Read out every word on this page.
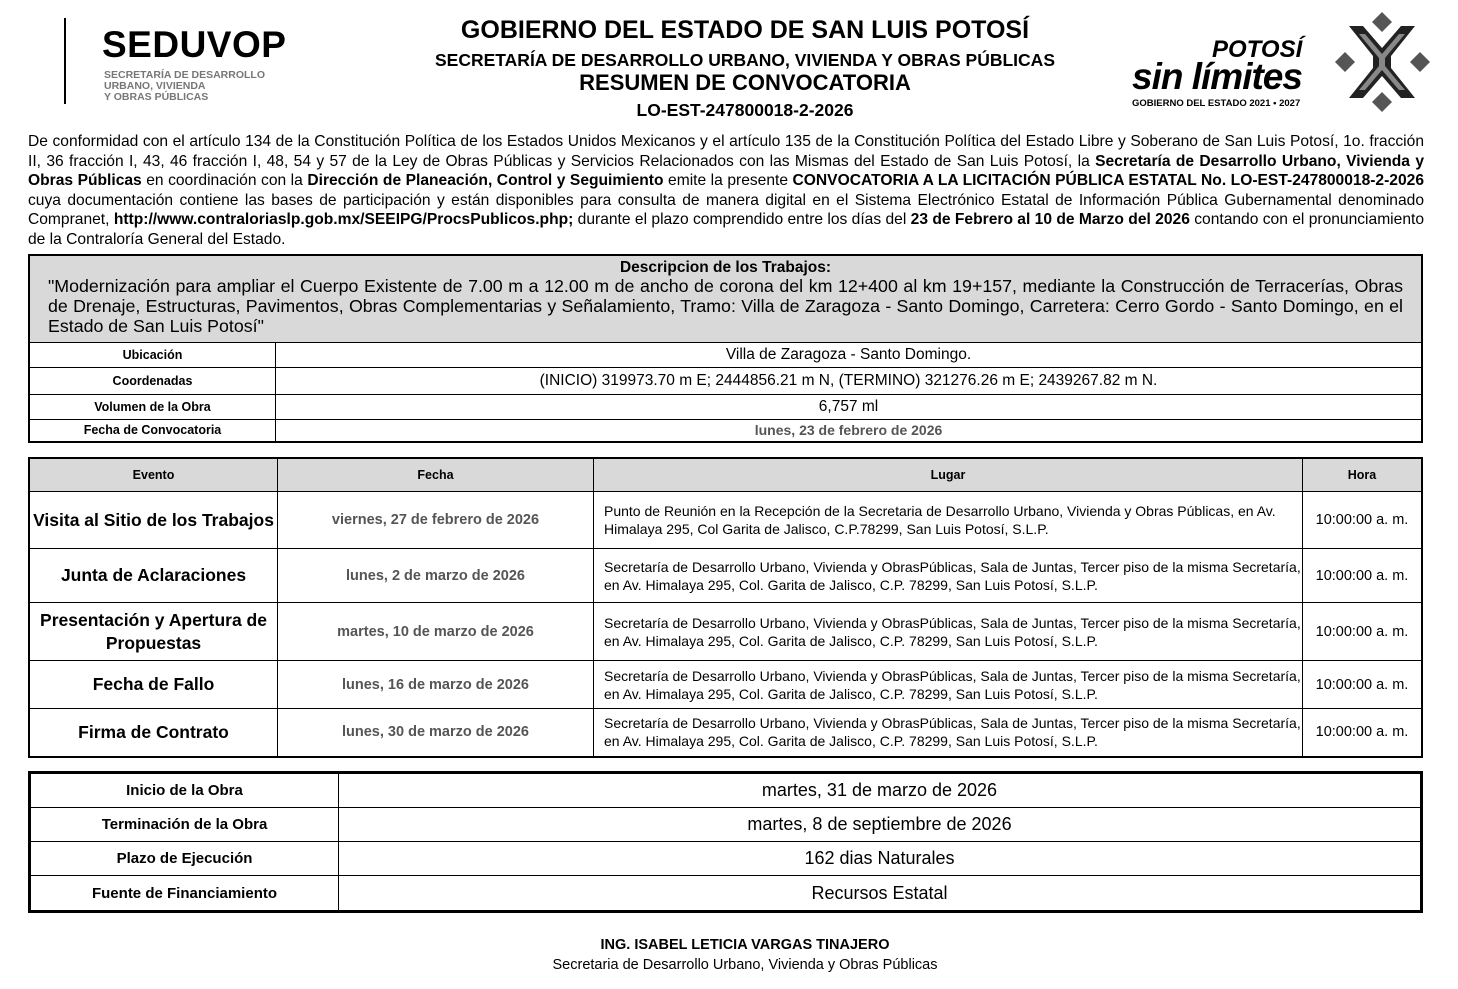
SEDUVOP
SECRETARÍA DE DESARROLLO
URBANO, VIVIENDA
Y OBRAS PÚBLICAS
GOBIERNO DEL ESTADO DE SAN LUIS POTOSÍ
SECRETARÍA DE DESARROLLO URBANO, VIVIENDA Y OBRAS PÚBLICAS
RESUMEN DE CONVOCATORIA
LO-EST-247800018-2-2026
POTOSÍ
sin límites
GOBIERNO DEL ESTADO 2021 • 2027
De conformidad con el artículo 134 de la Constitución Política de los Estados Unidos Mexicanos y el artículo 135 de la Constitución Política del Estado Libre y Soberano de San Luis Potosí, 1o. fracción II, 36 fracción I, 43, 46 fracción I, 48, 54 y 57 de la Ley de Obras Públicas y Servicios Relacionados con las Mismas del Estado de San Luis Potosí, la Secretaría de Desarrollo Urbano, Vivienda y Obras Públicas en coordinación con la Dirección de Planeación, Control y Seguimiento emite la presente CONVOCATORIA A LA LICITACIÓN PÚBLICA ESTATAL No. LO-EST-247800018-2-2026 cuya documentación contiene las bases de participación y están disponibles para consulta de manera digital en el Sistema Electrónico Estatal de Información Pública Gubernamental denominado Compranet, http://www.contraloriaslp.gob.mx/SEEIPG/ProcsPublicos.php; durante el plazo comprendido entre los días del 23 de Febrero al 10 de Marzo del 2026 contando con el pronunciamiento de la Contraloría General del Estado.
Descripcion de los Trabajos:
"Modernización para ampliar el Cuerpo Existente de 7.00 m a 12.00 m de ancho de corona del km 12+400 al km 19+157, mediante la Construcción de Terracerías, Obras de Drenaje, Estructuras, Pavimentos, Obras Complementarias y Señalamiento, Tramo: Villa de Zaragoza - Santo Domingo, Carretera: Cerro Gordo - Santo Domingo, en el Estado de San Luis Potosí"	

Ubicación	Villa de Zaragoza - Santo Domingo.
Coordenadas	(INICIO) 319973.70 m E; 2444856.21 m N, (TERMINO) 321276.26 m E; 2439267.82 m N.
Volumen de la Obra	6,757 ml
Fecha de Convocatoria	lunes, 23 de febrero de 2026
Evento	Fecha	Lugar	Hora
Visita al Sitio de los Trabajos	viernes, 27 de febrero de 2026	Punto de Reunión en la Recepción de la Secretaria de Desarrollo Urbano, Vivienda y Obras Públicas, en Av. Himalaya 295, Col Garita de Jalisco, C.P.78299, San Luis Potosí, S.L.P.	10:00:00 a. m.
Junta de Aclaraciones	lunes, 2 de marzo de 2026	Secretaría de Desarrollo Urbano, Vivienda y ObrasPúblicas, Sala de Juntas, Tercer piso de la misma Secretaría, en Av. Himalaya 295, Col. Garita de Jalisco, C.P. 78299, San Luis Potosí, S.L.P.	10:00:00 a. m.
Presentación y Apertura de Propuestas	martes, 10 de marzo de 2026	Secretaría de Desarrollo Urbano, Vivienda y ObrasPúblicas, Sala de Juntas, Tercer piso de la misma Secretaría, en Av. Himalaya 295, Col. Garita de Jalisco, C.P. 78299, San Luis Potosí, S.L.P.	10:00:00 a. m.
Fecha de Fallo	lunes, 16 de marzo de 2026	Secretaría de Desarrollo Urbano, Vivienda y ObrasPúblicas, Sala de Juntas, Tercer piso de la misma Secretaría, en Av. Himalaya 295, Col. Garita de Jalisco, C.P. 78299, San Luis Potosí, S.L.P.	10:00:00 a. m.
Firma de Contrato	lunes, 30 de marzo de 2026	Secretaría de Desarrollo Urbano, Vivienda y ObrasPúblicas, Sala de Juntas, Tercer piso de la misma Secretaría, en Av. Himalaya 295, Col. Garita de Jalisco, C.P. 78299, San Luis Potosí, S.L.P.	10:00:00 a. m.
Inicio de la Obra	martes, 31 de marzo de 2026
Terminación de la Obra	martes, 8 de septiembre de 2026
Plazo de Ejecución	162 dias Naturales
Fuente de Financiamiento	Recursos Estatal
ING. ISABEL LETICIA VARGAS TINAJERO
Secretaria de Desarrollo Urbano, Vivienda y Obras Públicas
